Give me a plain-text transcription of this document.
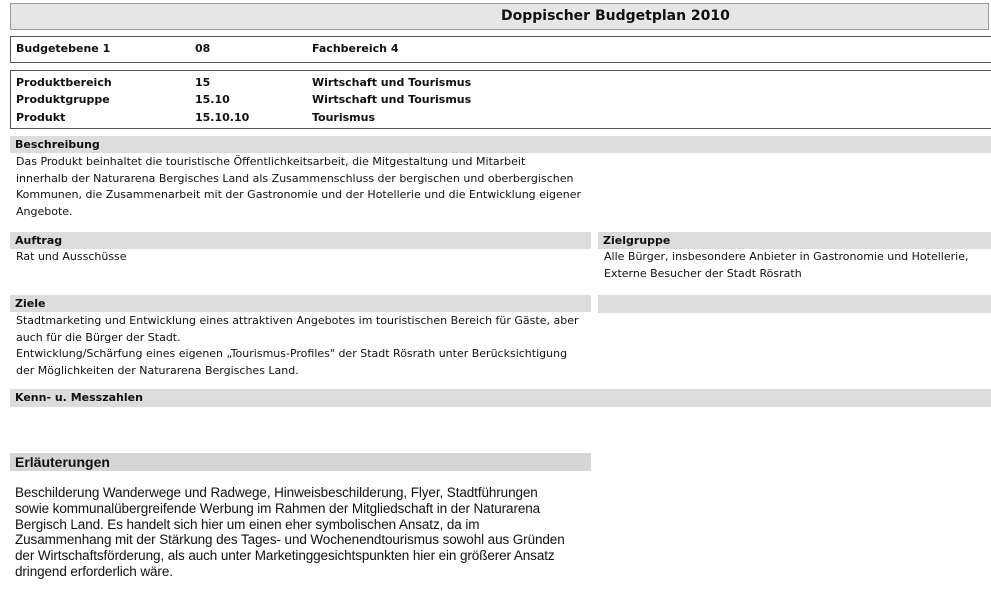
Doppischer Budgetplan 2010
Budgetebene 1	08	Fachbereich 4
Produktbereich	15	Wirtschaft und Tourismus
Produktgruppe	15.10	Wirtschaft und Tourismus
Produkt	15.10.10	Tourismus
Beschreibung
Das Produkt beinhaltet die touristische Öffentlichkeitsarbeit, die Mitgestaltung und Mitarbeit
innerhalb der Naturarena Bergisches Land als Zusammenschluss der bergischen und oberbergischen
Kommunen, die Zusammenarbeit mit der Gastronomie und der Hotellerie und die Entwicklung eigener
Angebote.
Auftrag
Rat und Ausschüsse
Zielgruppe
Alle Bürger, insbesondere Anbieter in Gastronomie und Hotellerie,
Externe Besucher der Stadt Rösrath
Ziele
Stadtmarketing und Entwicklung eines attraktiven Angebotes im touristischen Bereich für Gäste, aber
auch für die Bürger der Stadt.
Entwicklung/Schärfung eines eigenen „Tourismus-Profiles" der Stadt Rösrath unter Berücksichtigung
der Möglichkeiten der Naturarena Bergisches Land.
Kenn- u. Messzahlen
Erläuterungen
Beschilderung Wanderwege und Radwege, Hinweisbeschilderung, Flyer, Stadtführungen
sowie kommunalübergreifende Werbung im Rahmen der Mitgliedschaft in der Naturarena
Bergisch Land. Es handelt sich hier um einen eher symbolischen Ansatz, da im
Zusammenhang mit der Stärkung des Tages- und Wochenendtourismus sowohl aus Gründen
der Wirtschaftsförderung, als auch unter Marketinggesichtspunkten hier ein größerer Ansatz
dringend erforderlich wäre.
